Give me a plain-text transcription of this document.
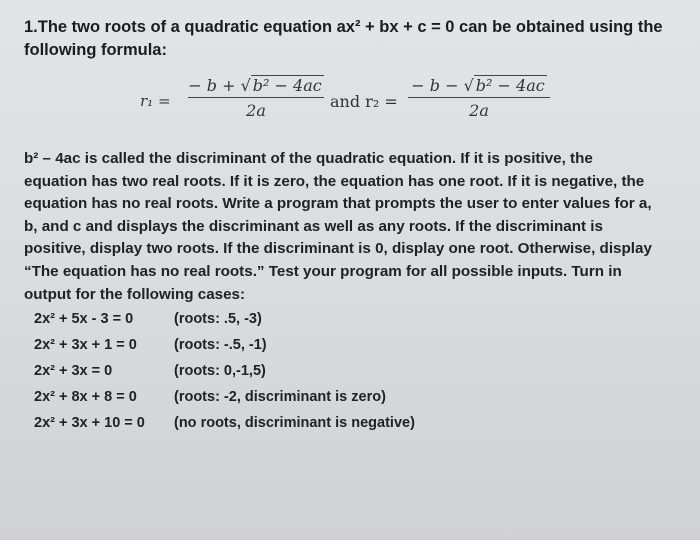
1.The two roots of a quadratic equation ax² + bx + c = 0 can be obtained using the following formula:
r₁ =
− b + √ b² − 4ac
2a	and r₂ =
− b − √ b² − 4ac
2a
b² – 4ac is called the discriminant of the quadratic equation. If it is positive, the equation has two real roots. If it is zero, the equation has one root. If it is negative, the equation has no real roots. Write a program that prompts the user to enter values for a, b, and c and displays the discriminant as well as any roots. If the discriminant is positive, display two roots. If the discriminant is 0, display one root. Otherwise, display “The equation has no real roots.” Test your program for all possible inputs. Turn in output for the following cases:
2x² + 5x - 3 = 0	(roots: .5, -3)
2x² + 3x + 1 = 0	(roots: -.5, -1)
2x² + 3x = 0	(roots: 0,-1,5)
2x² + 8x + 8 = 0	(roots: -2, discriminant is zero)
2x² + 3x + 10 = 0 (no roots, discriminant is negative)
